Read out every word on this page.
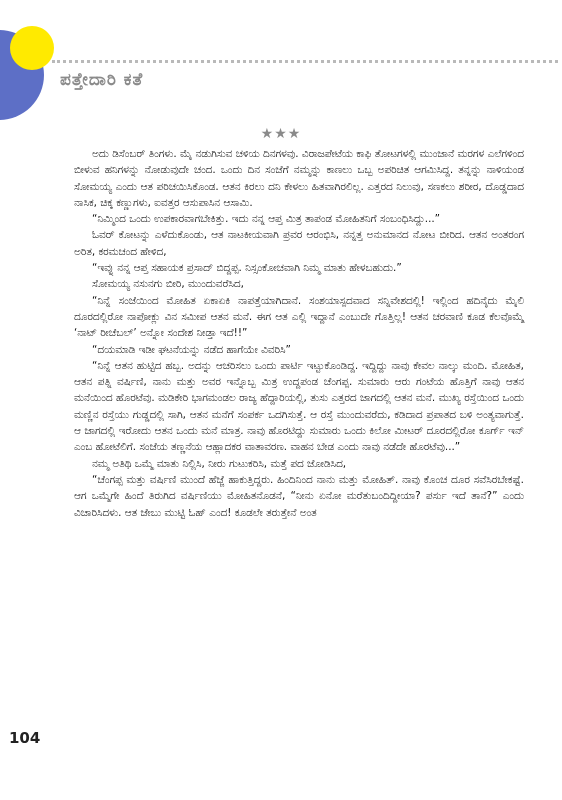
ಪತ್ತೇದಾರಿ ಕತೆ
★★★

ಅದು ಡಿಸೆಂಬರ್ ತಿಂಗಳು. ಮೈ ನಡುಗಿಸುವ ಚಳಿಯ ದಿನಗಳವು. ವಿರಾಜಪೇಟೆಯ ಕಾಫಿ ತೋಟಗಳಲ್ಲಿ ಮುಂಜಾನೆ ಮರಗಳ ಎಲೆಗಳಿಂದ ಬೀಳುವ ಹನಿಗಳನ್ನು ನೋಡುವುದೇ ಚಂದ. ಒಂದು ದಿನ ಸಂಜೆಗೆ ನಮ್ಮನ್ನು ಕಾಣಲು ಒಬ್ಬ ಅಪರಿಚಿತ ಆಗಮಿಸಿದ್ದ. ತನ್ನನ್ನು ನಾಳಿಯಂಡ ಸೋಮಯ್ಯ ಎಂದು ಆತ ಪರಿಚಯಿಸಿಕೊಂಡ. ಆತನ ಕಿರಲು ದನಿ ಕೇಳಲು ಹಿತವಾಗಿರಲಿಲ್ಲ. ಎತ್ತರದ ನಿಲುವು, ಸಣಕಲು ಶರೀರ, ದೊಡ್ಡದಾದ ನಾಸಿಕ, ಚಿಕ್ಕ ಕಣ್ಣುಗಳು, ಐವತ್ತರ ಆಸುಪಾಸಿನ ಆಸಾಮಿ.

“ನಿಮ್ಮಿಂದ ಒಂದು ಉಪಕಾರವಾಗಬೇಕಿತ್ತು. ಇದು ನನ್ನ ಆಪ್ತ ಮಿತ್ರ ತಾಪಂಡ ಮೋಹಿತನಿಗೆ ಸಂಬಂಧಿಸಿದ್ದು...”

ಓವರ್ ಕೋಟನ್ನು ಎಳೆದುಕೊಂಡು, ಆತ ನಾಟಕೀಯವಾಗಿ ಪ್ರವರ ಆರಂಭಿಸಿ, ನನ್ನತ್ತ ಅನುಮಾನದ ನೋಟ ಬೀರಿದ. ಆತನ ಅಂತರಂಗ ಅರಿತ, ಕರಮಚಂದ ಹೇಳಿದ,

“ಇವ್ನು ನನ್ನ ಆಪ್ತ ಸಹಾಯಕ ಪ್ರಸಾದ್ ಬಿದ್ದಪ್ಪ. ನಿಸ್ಸಂಕೋಚವಾಗಿ ನಿಮ್ಮ ಮಾತು ಹೇಳಬಹುದು.”

ಸೋಮಯ್ಯ ನಸುನಗು ಬೀರಿ, ಮುಂದುವರೆಸಿದ,

“ನಿನ್ನೆ ಸಂಜೆಯಿಂದ ಮೋಹಿತ ಏಕಾಏಕಿ ನಾಪತ್ತೆಯಾಗಿದಾನೆ. ಸಂಶಯಾಸ್ಪದವಾದ ಸನ್ನಿವೇಶದಲ್ಲಿ! ಇಲ್ಲಿಂದ ಹದಿನೈದು ಮೈಲಿ ದೂರದಲ್ಲಿರೋ ನಾಪೋಕ್ಲು ವಿನ ಸಮೀಪ ಆತನ ಮನೆ. ಈಗ ಆತ ಎಲ್ಲಿ ಇದ್ದಾನೆ ಎಂಬುದೇ ಗೊತ್ತಿಲ್ಲ! ಆತನ ಚರವಾಣಿ ಕೂಡ ಕೆಲವೊಮ್ಮೆ ‘ನಾಟ್ ರೀಚೆಬಲ್’ ಅನ್ನೋ ಸಂದೇಶ ನೀಡ್ತಾ ಇದೆ!!”

“ದಯಮಾಡಿ ಇಡೀ ಘಟನೆಯನ್ನು ನಡೆದ ಹಾಗೆಯೇ ವಿವರಿಸಿ”

“ನಿನ್ನೆ ಆತನ ಹುಟ್ಟಿದ ಹಬ್ಬ. ಅದನ್ನು ಆಚರಿಸಲು ಒಂದು ಪಾರ್ಟಿ ಇಟ್ಟುಕೊಂಡಿದ್ದ. ಇದ್ದಿದ್ದು ನಾವು ಕೇವಲ ನಾಲ್ಕು ಮಂದಿ. ಮೋಹಿತ, ಆತನ ಪತ್ನಿ ವರ್ಷಿಣಿ, ನಾನು ಮತ್ತು ಅವರ ಇನ್ನೊಬ್ಬ ಮಿತ್ರ ಉದ್ದಪಂಡ ಚೆಂಗಪ್ಪ. ಸುಮಾರು ಆರು ಗಂಟೆಯ ಹೊತ್ತಿಗೆ ನಾವು ಆತನ ಮನೆಯಿಂದ ಹೊರಟೆವು. ಮಡಿಕೇರಿ ಭಾಗಮಂಡಲ ರಾಜ್ಯ ಹೆದ್ದಾರಿಯಲ್ಲಿ, ತುಸು ಎತ್ತರದ ಜಾಗದಲ್ಲಿ ಆತನ ಮನೆ. ಮುಖ್ಯ ರಸ್ತೆಯಿಂದ ಒಂದು ಮಣ್ಣಿನ ರಸ್ತೆಯು ಗುಡ್ಡದಲ್ಲಿ ಸಾಗಿ, ಆತನ ಮನೆಗೆ ಸಂಪರ್ಕ ಒದಗಿಸುತ್ತೆ. ಆ ರಸ್ತೆ ಮುಂದುವರೆದು, ಕಡಿದಾದ ಪ್ರಪಾತದ ಬಳಿ ಅಂತ್ಯವಾಗುತ್ತೆ. ಆ ಜಾಗದಲ್ಲಿ ಇರೋದು ಆತನ ಒಂದು ಮನೆ ಮಾತ್ರ. ನಾವು ಹೊರಟಿದ್ದು ಸುಮಾರು ಒಂದು ಕಿಲೋ ಮೀಟರ್ ದೂರದಲ್ಲಿರೋ ಕೂರ್ಗ್ ಇನ್ ಎಂಬ ಹೋಟೆಲಿಗೆ. ಸಂಜೆಯ ತಣ್ಣನೆಯ ಆಹ್ಲಾದಕರ ವಾತಾವರಣ. ವಾಹನ ಬೇಡ ಎಂದು ನಾವು ನಡೆದೇ ಹೊರಟೆವು...”

ನಮ್ಮ ಅತಿಥಿ ಒಮ್ಮೆ ಮಾತು ನಿಲ್ಲಿಸಿ, ನೀರು ಗುಟುಕರಿಸಿ, ಮತ್ತೆ ಪದ ಜೋಡಿಸಿದ,

“ಚೆಂಗಪ್ಪ ಮತ್ತು ವರ್ಷಿಣಿ ಮುಂದೆ ಹೆಜ್ಜೆ ಹಾಕುತ್ತಿದ್ದರು. ಹಿಂದಿನಿಂದ ನಾನು ಮತ್ತು ಮೋಹಿತ್. ನಾವು ಕೊಂಚ ದೂರ ಸವೆಸಿರಬೇಕಷ್ಟೆ. ಆಗ ಒಮ್ಮೆಗೇ ಹಿಂದೆ ತಿರುಗಿದ ವರ್ಷಿಣಿಯು ಮೋಹಿತನೊಡನೆ, “ನೀನು ಏನೋ ಮರೆತುಬಂದಿದ್ದೀಯಾ? ಪರ್ಸು ಇದೆ ತಾನೆ?” ಎಂದು ವಿಚಾರಿಸಿದಳು. ಆತ ಜೇಬು ಮುಟ್ಟಿ ಓಹ್ ಎಂದ! ಕೂಡಲೇ ತರುತ್ತೇನೆ ಅಂತ

104
